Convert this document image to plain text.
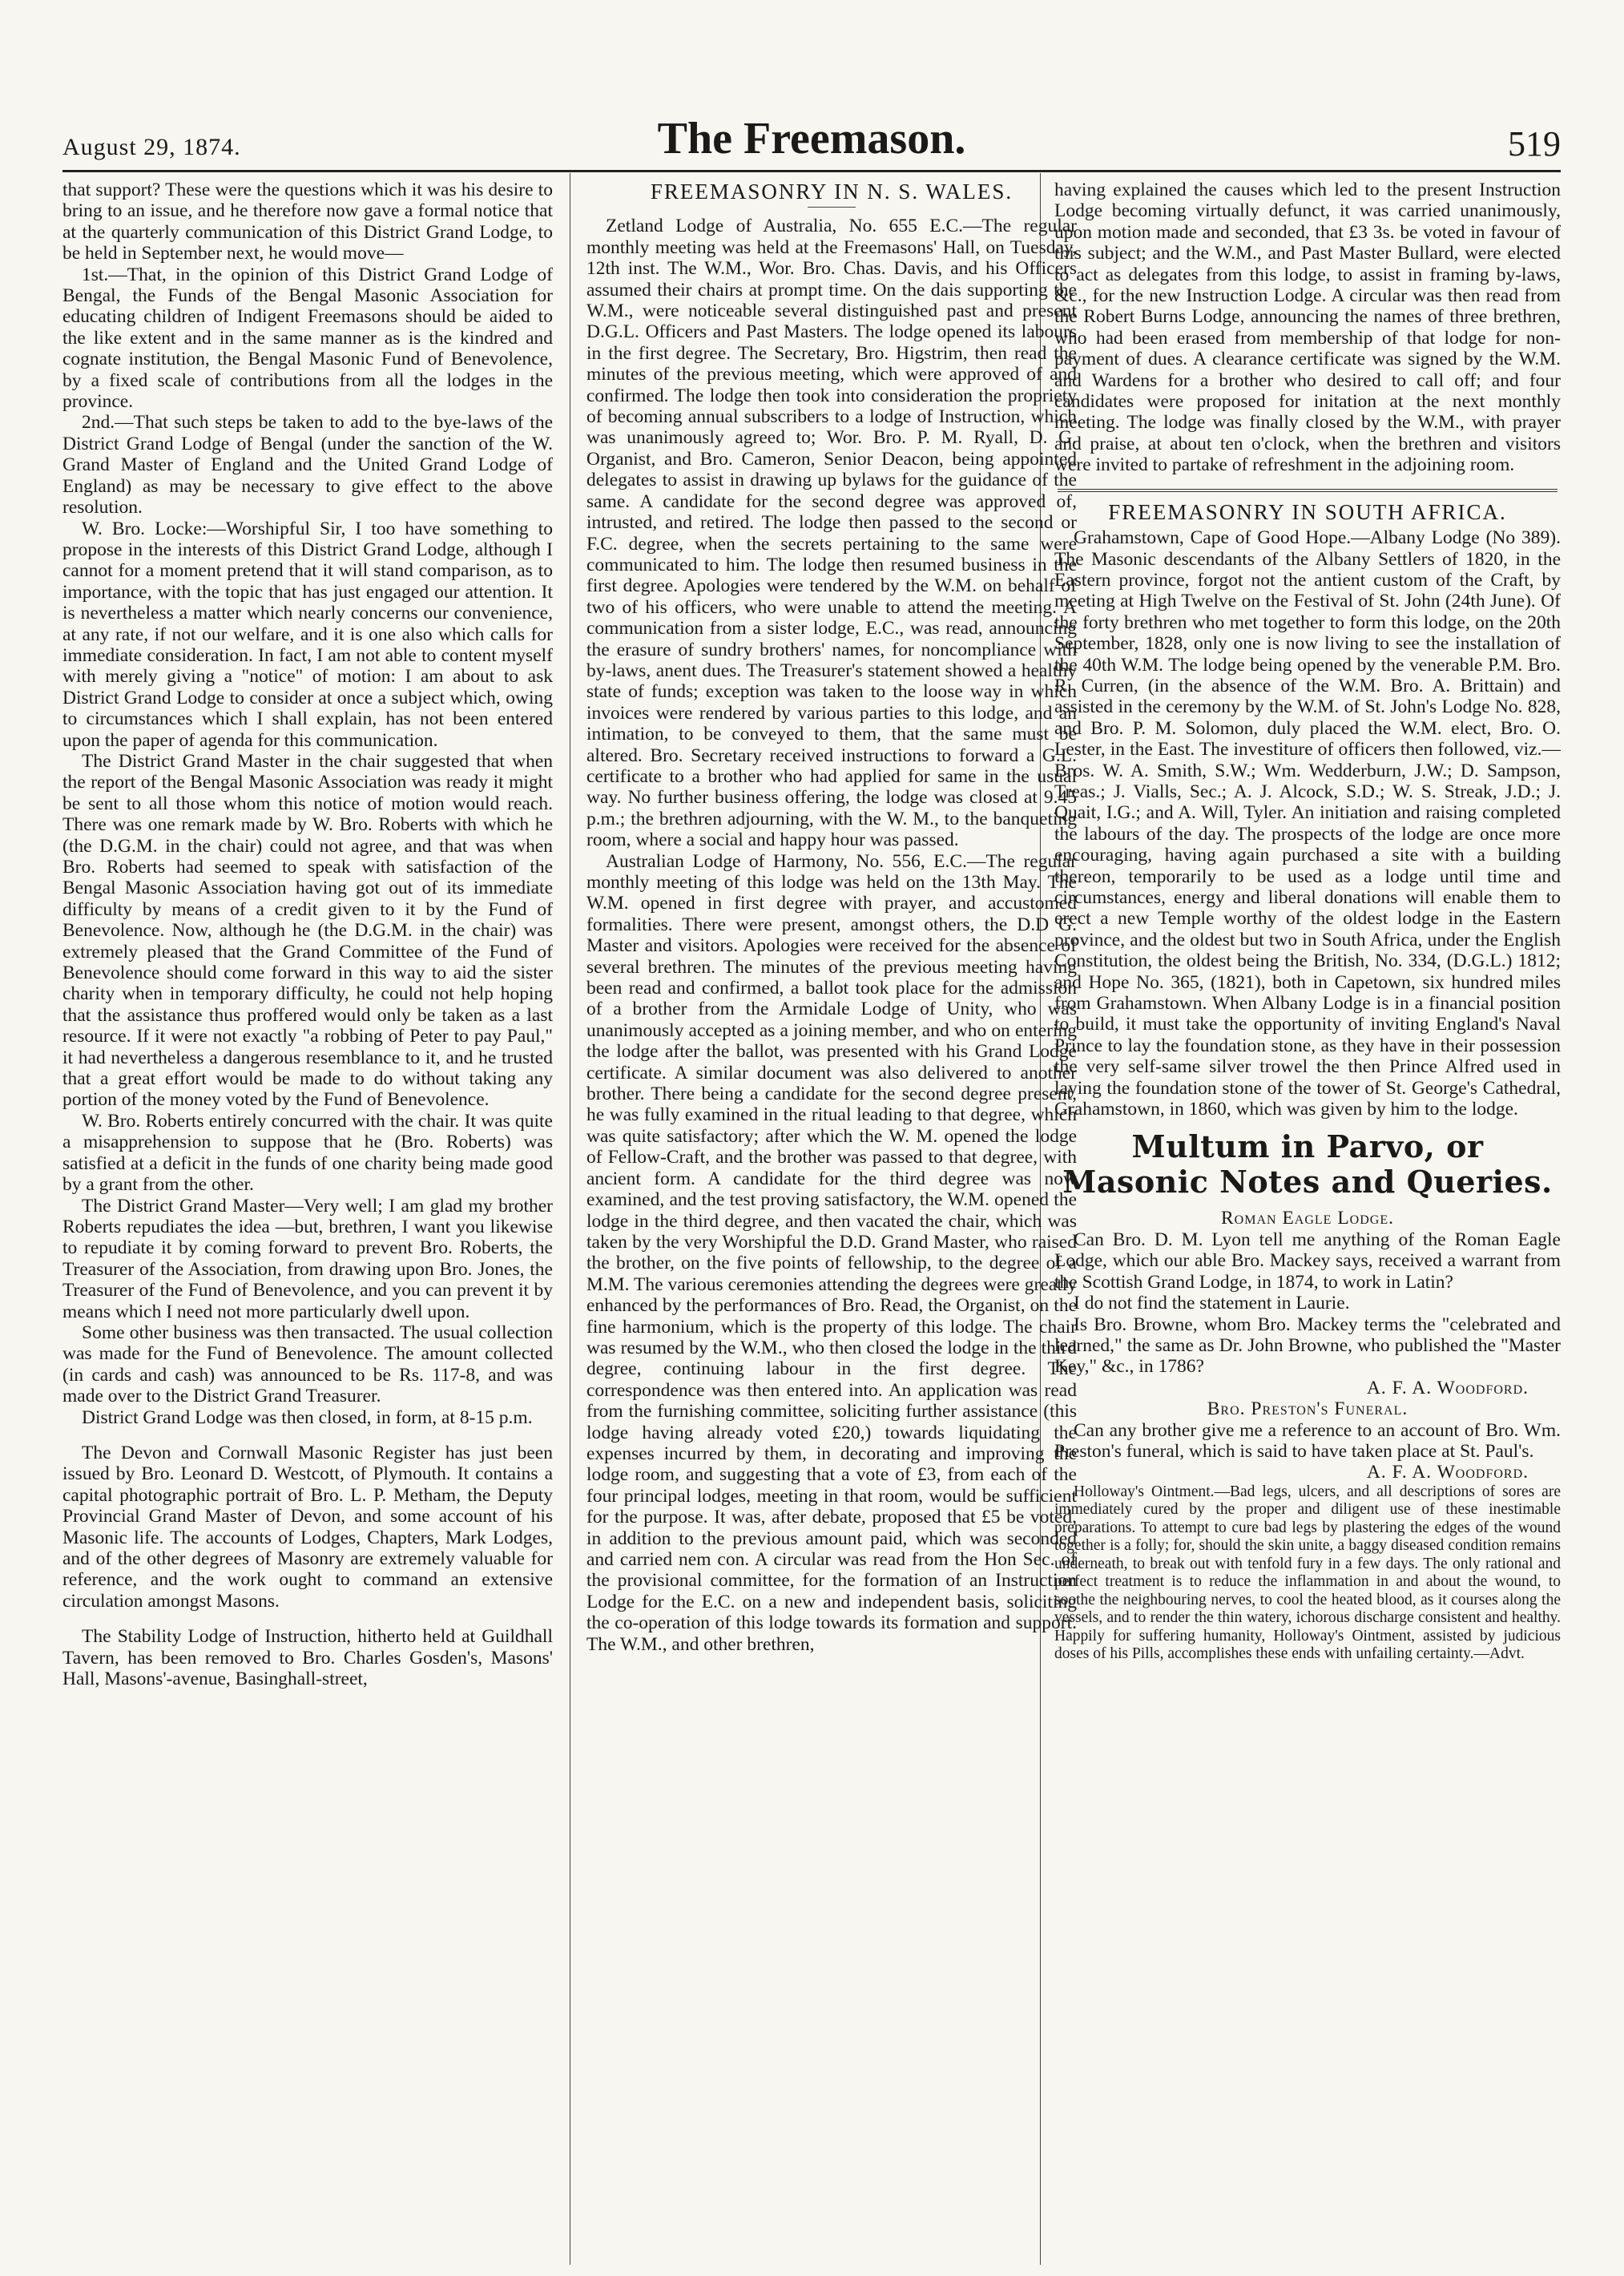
August 29, 1874.	The Freemason.	519

that support? These were the questions which it was his desire to bring to an issue, and he therefore now gave a formal notice that at the quarterly communication of this District Grand Lodge, to be held in September next, he would move—

1st.—That, in the opinion of this District Grand Lodge of Bengal, the Funds of the Bengal Masonic Association for educating children of Indigent Freemasons should be aided to the like extent and in the same manner as is the kindred and cognate institution, the Bengal Masonic Fund of Benevolence, by a fixed scale of contributions from all the lodges in the province.

2nd.—That such steps be taken to add to the bye-laws of the District Grand Lodge of Bengal (under the sanction of the W. Grand Master of England and the United Grand Lodge of England) as may be necessary to give effect to the above resolution.

W. Bro. Locke:—Worshipful Sir, I too have something to propose in the interests of this District Grand Lodge, although I cannot for a moment pretend that it will stand comparison, as to importance, with the topic that has just engaged our attention. It is nevertheless a matter which nearly concerns our convenience, at any rate, if not our welfare, and it is one also which calls for immediate consideration. In fact, I am not able to content myself with merely giving a "notice" of motion: I am about to ask District Grand Lodge to consider at once a subject which, owing to circumstances which I shall explain, has not been entered upon the paper of agenda for this communication.

The District Grand Master in the chair suggested that when the report of the Bengal Masonic Association was ready it might be sent to all those whom this notice of motion would reach. There was one remark made by W. Bro. Roberts with which he (the D.G.M. in the chair) could not agree, and that was when Bro. Roberts had seemed to speak with satisfaction of the Bengal Masonic Association having got out of its immediate difficulty by means of a credit given to it by the Fund of Benevolence. Now, although he (the D.G.M. in the chair) was extremely pleased that the Grand Committee of the Fund of Benevolence should come forward in this way to aid the sister charity when in temporary difficulty, he could not help hoping that the assistance thus proffered would only be taken as a last resource. If it were not exactly "a robbing of Peter to pay Paul," it had nevertheless a dangerous resemblance to it, and he trusted that a great effort would be made to do without taking any portion of the money voted by the Fund of Benevolence.

W. Bro. Roberts entirely concurred with the chair. It was quite a misapprehension to suppose that he (Bro. Roberts) was satisfied at a deficit in the funds of one charity being made good by a grant from the other.

The District Grand Master—Very well; I am glad my brother Roberts repudiates the idea —but, brethren, I want you likewise to repudiate it by coming forward to prevent Bro. Roberts, the Treasurer of the Association, from drawing upon Bro. Jones, the Treasurer of the Fund of Benevolence, and you can prevent it by means which I need not more particularly dwell upon.

Some other business was then transacted. The usual collection was made for the Fund of Benevolence. The amount collected (in cards and cash) was announced to be Rs. 117-8, and was made over to the District Grand Treasurer.

District Grand Lodge was then closed, in form, at 8-15 p.m.

The Devon and Cornwall Masonic Register has just been issued by Bro. Leonard D. Westcott, of Plymouth. It contains a capital photographic portrait of Bro. L. P. Metham, the Deputy Provincial Grand Master of Devon, and some account of his Masonic life. The accounts of Lodges, Chapters, Mark Lodges, and of the other degrees of Masonry are extremely valuable for reference, and the work ought to command an extensive circulation amongst Masons.

The Stability Lodge of Instruction, hitherto held at Guildhall Tavern, has been removed to Bro. Charles Gosden's, Masons' Hall, Masons'-avenue, Basinghall-street,

FREEMASONRY IN N. S. WALES.

Zetland Lodge of Australia, No. 655 E.C.—The regular monthly meeting was held at the Freemasons' Hall, on Tuesday, 12th inst. The W.M., Wor. Bro. Chas. Davis, and his Officers assumed their chairs at prompt time. On the dais supporting the W.M., were noticeable several distinguished past and present D.G.L. Officers and Past Masters. The lodge opened its labours in the first degree. The Secretary, Bro. Higstrim, then read the minutes of the previous meeting, which were approved of and confirmed. The lodge then took into consideration the propriety of becoming annual subscribers to a lodge of Instruction, which was unanimously agreed to; Wor. Bro. P. M. Ryall, D. G. Organist, and Bro. Cameron, Senior Deacon, being appointed delegates to assist in drawing up bylaws for the guidance of the same. A candidate for the second degree was approved of, intrusted, and retired. The lodge then passed to the second or F.C. degree, when the secrets pertaining to the same were communicated to him. The lodge then resumed business in the first degree. Apologies were tendered by the W.M. on behalf of two of his officers, who were unable to attend the meeting. A communication from a sister lodge, E.C., was read, announcing the erasure of sundry brothers' names, for noncompliance with by-laws, anent dues. The Treasurer's statement showed a healthy state of funds; exception was taken to the loose way in which invoices were rendered by various parties to this lodge, and an intimation, to be conveyed to them, that the same must be altered. Bro. Secretary received instructions to forward a G.L. certificate to a brother who had applied for same in the usual way. No further business offering, the lodge was closed at 9.45 p.m.; the brethren adjourning, with the W. M., to the banqueting room, where a social and happy hour was passed.

Australian Lodge of Harmony, No. 556, E.C.—The regular monthly meeting of this lodge was held on the 13th May. The W.M. opened in first degree with prayer, and accustomed formalities. There were present, amongst others, the D.D G. Master and visitors. Apologies were received for the absence of several brethren. The minutes of the previous meeting having been read and confirmed, a ballot took place for the admission of a brother from the Armidale Lodge of Unity, who was unanimously accepted as a joining member, and who on entering the lodge after the ballot, was presented with his Grand Lodge certificate. A similar document was also delivered to another brother. There being a candidate for the second degree present, he was fully examined in the ritual leading to that degree, which was quite satisfactory; after which the W. M. opened the lodge of Fellow-Craft, and the brother was passed to that degree, with ancient form. A candidate for the third degree was now examined, and the test proving satisfactory, the W.M. opened the lodge in the third degree, and then vacated the chair, which was taken by the very Worshipful the D.D. Grand Master, who raised the brother, on the five points of fellowship, to the degree of a M.M. The various ceremonies attending the degrees were greatly enhanced by the performances of Bro. Read, the Organist, on the fine harmonium, which is the property of this lodge. The chair was resumed by the W.M., who then closed the lodge in the third degree, continuing labour in the first degree. The correspondence was then entered into. An application was read from the furnishing committee, soliciting further assistance (this lodge having already voted £20,) towards liquidating the expenses incurred by them, in decorating and improving the lodge room, and suggesting that a vote of £3, from each of the four principal lodges, meeting in that room, would be sufficient for the purpose. It was, after debate, proposed that £5 be voted, in addition to the previous amount paid, which was seconded and carried nem con. A circular was read from the Hon Sec. of the provisional committee, for the formation of an Instruction Lodge for the E.C. on a new and independent basis, soliciting the co-operation of this lodge towards its formation and support. The W.M., and other brethren,

having explained the causes which led to the present Instruction Lodge becoming virtually defunct, it was carried unanimously, upon motion made and seconded, that £3 3s. be voted in favour of this subject; and the W.M., and Past Master Bullard, were elected to act as delegates from this lodge, to assist in framing by-laws, &c., for the new Instruction Lodge. A circular was then read from the Robert Burns Lodge, announcing the names of three brethren, who had been erased from membership of that lodge for non-payment of dues. A clearance certificate was signed by the W.M. and Wardens for a brother who desired to call off; and four candidates were proposed for initation at the next monthly meeting. The lodge was finally closed by the W.M., with prayer and praise, at about ten o'clock, when the brethren and visitors were invited to partake of refreshment in the adjoining room.

FREEMASONRY IN SOUTH AFRICA.

Grahamstown, Cape of Good Hope.—Albany Lodge (No 389). The Masonic descendants of the Albany Settlers of 1820, in the Eastern province, forgot not the antient custom of the Craft, by meeting at High Twelve on the Festival of St. John (24th June). Of the forty brethren who met together to form this lodge, on the 20th September, 1828, only one is now living to see the installation of the 40th W.M. The lodge being opened by the venerable P.M. Bro. R. Curren, (in the absence of the W.M. Bro. A. Brittain) and assisted in the ceremony by the W.M. of St. John's Lodge No. 828, and Bro. P. M. Solomon, duly placed the W.M. elect, Bro. O. Lester, in the East. The investiture of officers then followed, viz.—Bros. W. A. Smith, S.W.; Wm. Wedderburn, J.W.; D. Sampson, Treas.; J. Vialls, Sec.; A. J. Alcock, S.D.; W. S. Streak, J.D.; J. Quait, I.G.; and A. Will, Tyler. An initiation and raising completed the labours of the day. The prospects of the lodge are once more encouraging, having again purchased a site with a building thereon, temporarily to be used as a lodge until time and circumstances, energy and liberal donations will enable them to erect a new Temple worthy of the oldest lodge in the Eastern province, and the oldest but two in South Africa, under the English Constitution, the oldest being the British, No. 334, (D.G.L.) 1812; and Hope No. 365, (1821), both in Capetown, six hundred miles from Grahamstown. When Albany Lodge is in a financial position to build, it must take the opportunity of inviting England's Naval Prince to lay the foundation stone, as they have in their possession the very self-same silver trowel the then Prince Alfred used in laying the foundation stone of the tower of St. George's Cathedral, Grahamstown, in 1860, which was given by him to the lodge.

Multum in Parvo, or Masonic Notes and Queries.

Roman Eagle Lodge.

Can Bro. D. M. Lyon tell me anything of the Roman Eagle Lodge, which our able Bro. Mackey says, received a warrant from the Scottish Grand Lodge, in 1874, to work in Latin?

I do not find the statement in Laurie.

Is Bro. Browne, whom Bro. Mackey terms the "celebrated and learned," the same as Dr. John Browne, who published the "Master Key," &c., in 1786?

A. F. A. Woodford.

Bro. Preston's Funeral.

Can any brother give me a reference to an account of Bro. Wm. Preston's funeral, which is said to have taken place at St. Paul's.

A. F. A. Woodford.

Holloway's Ointment.—Bad legs, ulcers, and all descriptions of sores are immediately cured by the proper and diligent use of these inestimable preparations. To attempt to cure bad legs by plastering the edges of the wound together is a folly; for, should the skin unite, a baggy diseased condition remains underneath, to break out with tenfold fury in a few days. The only rational and perfect treatment is to reduce the inflammation in and about the wound, to soothe the neighbouring nerves, to cool the heated blood, as it courses along the vessels, and to render the thin watery, ichorous discharge consistent and healthy. Happily for suffering humanity, Holloway's Ointment, assisted by judicious doses of his Pills, accomplishes these ends with unfailing certainty.—Advt.
